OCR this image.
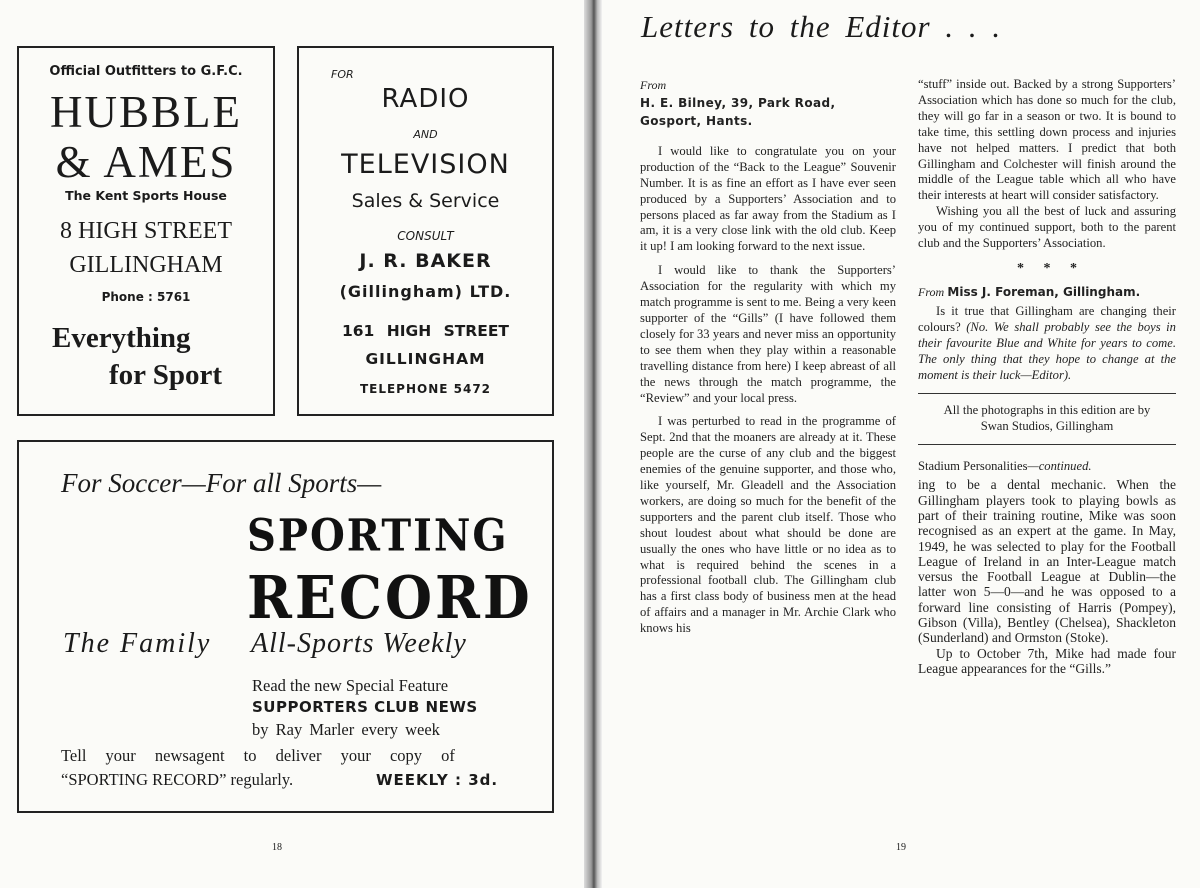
Official Outfitters to G.F.C.
HUBBLE
& AMES
The Kent Sports House
8 HIGH STREET
GILLINGHAM
Phone : 5761
Everything
for Sport
FOR
RADIO
AND
TELEVISION
Sales & Service
CONSULT
J. R. BAKER
(Gillingham) LTD.
161 HIGH STREET
GILLINGHAM
TELEPHONE 5472
For Soccer—For all Sports—
SPORTING
RECORD
The Family All-Sports Weekly
Read the new Special Feature
SUPPORTERS CLUB NEWS
by Ray Marler every week
Tell your newsagent to deliver your copy of
“SPORTING RECORD” regularly.	WEEKLY : 3d.
18
Letters to the Editor . . .
From
H. E. Bilney, 39, Park Road,
Gosport, Hants.

I would like to congratulate you on your production of the “Back to the League” Souvenir Number. It is as fine an effort as I have ever seen produced by a Supporters’ Association and to persons placed as far away from the Stadium as I am, it is a very close link with the old club. Keep it up! I am looking forward to the next issue.

I would like to thank the Supporters’ Association for the regularity with which my match programme is sent to me. Being a very keen supporter of the “Gills” (I have followed them closely for 33 years and never miss an opportunity to see them when they play within a reasonable travelling distance from here) I keep abreast of all the news through the match programme, the “Review” and your local press.

I was perturbed to read in the programme of Sept. 2nd that the moaners are already at it. These people are the curse of any club and the biggest enemies of the genuine supporter, and those who, like yourself, Mr. Gleadell and the Association workers, are doing so much for the benefit of the supporters and the parent club itself. Those who shout loudest about what should be done are usually the ones who have little or no idea as to what is required behind the scenes in a professional football club. The Gillingham club has a first class body of business men at the head of affairs and a manager in Mr. Archie Clark who knows his

“stuff” inside out. Backed by a strong Supporters’ Association which has done so much for the club, they will go far in a season or two. It is bound to take time, this settling down process and injuries have not helped matters. I predict that both Gillingham and Colchester will finish around the middle of the League table which all who have their interests at heart will consider satisfactory.

Wishing you all the best of luck and assuring you of my continued support, both to the parent club and the Supporters’ Association.

* * *
From Miss J. Foreman, Gillingham.

Is it true that Gillingham are changing their colours? (No. We shall probably see the boys in their favourite Blue and White for years to come. The only thing that they hope to change at the moment is their luck—Editor).

All the photographs in this edition are by Swan Studios, Gillingham
Stadium Personalities—continued.

ing to be a dental mechanic. When the Gillingham players took to playing bowls as part of their training routine, Mike was soon recognised as an expert at the game. In May, 1949, he was selected to play for the Football League of Ireland in an Inter-League match versus the Football League at Dublin—the latter won 5—0—and he was opposed to a forward line consisting of Harris (Pompey), Gibson (Villa), Bentley (Chelsea), Shackleton (Sunderland) and Ormston (Stoke).

Up to October 7th, Mike had made four League appearances for the “Gills.”

19
